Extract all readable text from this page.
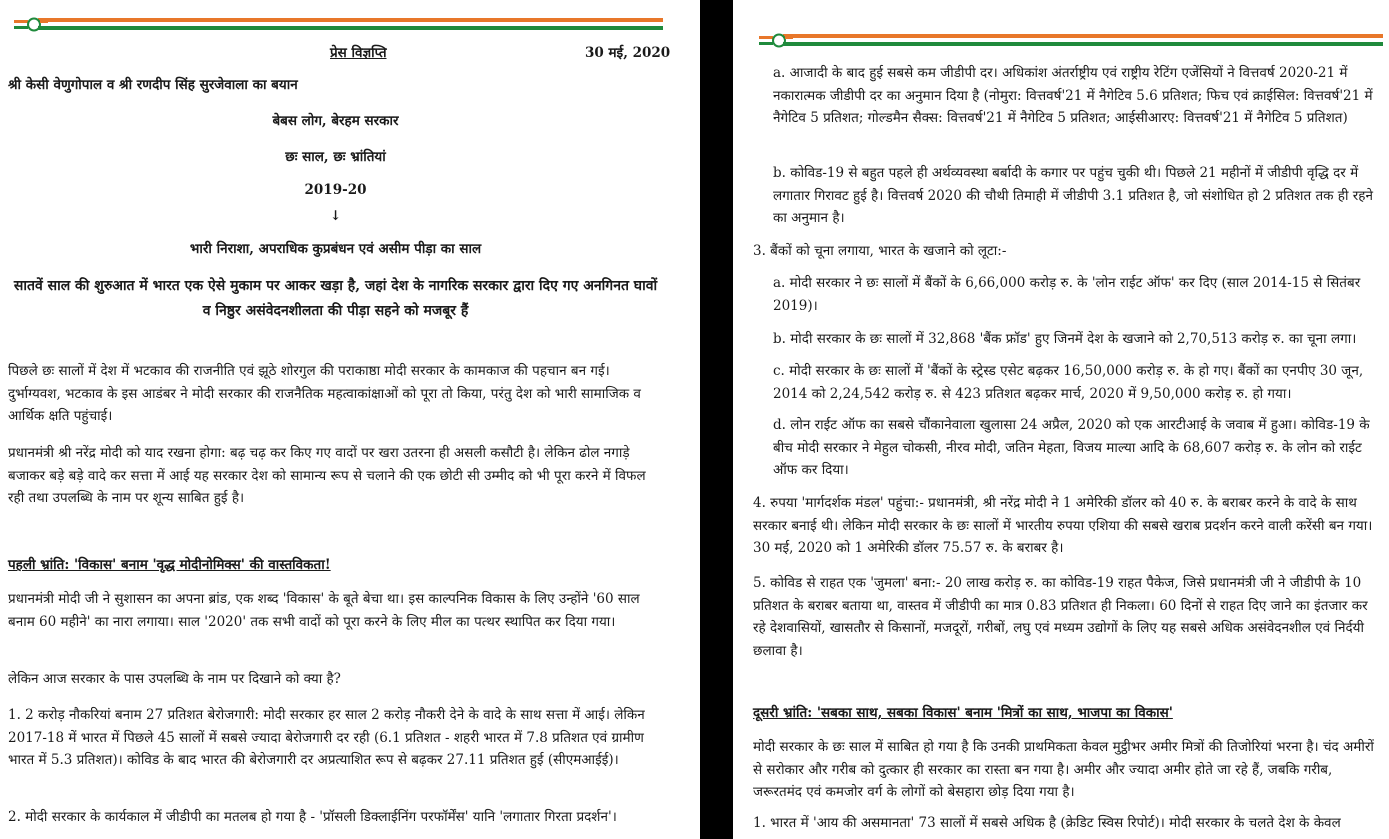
प्रेस विज्ञप्ति	30 मई, 2020
श्री केसी वेणुगोपाल व श्री रणदीप सिंह सुरजेवाला का बयान
बेबस लोग, बेरहम सरकार
छः साल, छः भ्रांतियां
2019-20
↓
भारी निराशा, अपराधिक कुप्रबंधन एवं असीम पीड़ा का साल
सातवें साल की शुरुआत में भारत एक ऐसे मुकाम पर आकर खड़ा है, जहां देश के नागरिक सरकार द्वारा दिए गए अनगिनत घावों व निष्ठुर असंवेदनशीलता की पीड़ा सहने को मजबूर हैं
पिछले छः सालों में देश में भटकाव की राजनीति एवं झूठे शोरगुल की पराकाष्ठा मोदी सरकार के कामकाज की पहचान बन गई। दुर्भाग्यवश, भटकाव के इस आडंबर ने मोदी सरकार की राजनैतिक महत्वाकांक्षाओं को पूरा तो किया, परंतु देश को भारी सामाजिक व आर्थिक क्षति पहुंचाई।
प्रधानमंत्री श्री नरेंद्र मोदी को याद रखना होगा: बढ़ चढ़ कर किए गए वादों पर खरा उतरना ही असली कसौटी है। लेकिन ढोल नगाड़े बजाकर बड़े बड़े वादे कर सत्ता में आई यह सरकार देश को सामान्य रूप से चलाने की एक छोटी सी उम्मीद को भी पूरा करने में विफल रही तथा उपलब्धि के नाम पर शून्य साबित हुई है।
पहली भ्रांति: 'विकास' बनाम 'वृद्ध मोदीनोमिक्स' की वास्तविकता!
प्रधानमंत्री मोदी जी ने सुशासन का अपना ब्रांड, एक शब्द 'विकास' के बूते बेचा था। इस काल्पनिक विकास के लिए उन्होंने '60 साल बनाम 60 महीने' का नारा लगाया। साल '2020' तक सभी वादों को पूरा करने के लिए मील का पत्थर स्थापित कर दिया गया।
लेकिन आज सरकार के पास उपलब्धि के नाम पर दिखाने को क्या है?
1. 2 करोड़ नौकरियां बनाम 27 प्रतिशत बेरोजगारी: मोदी सरकार हर साल 2 करोड़ नौकरी देने के वादे के साथ सत्ता में आई। लेकिन 2017-18 में भारत में पिछले 45 सालों में सबसे ज्यादा बेरोजगारी दर रही (6.1 प्रतिशत - शहरी भारत में 7.8 प्रतिशत एवं ग्रामीण भारत में 5.3 प्रतिशत)। कोविड के बाद भारत की बेरोजगारी दर अप्रत्याशित रूप से बढ़कर 27.11 प्रतिशत हुई (सीएमआईई)।
2. मोदी सरकार के कार्यकाल में जीडीपी का मतलब हो गया है - 'प्रॉसली डिक्लाईनिंग परफॉर्मेंस' यानि 'लगातार गिरता प्रदर्शन'।
a. आजादी के बाद हुई सबसे कम जीडीपी दर। अधिकांश अंतर्राष्ट्रीय एवं राष्ट्रीय रेटिंग एजेंसियों ने वित्तवर्ष 2020-21 में नकारात्मक जीडीपी दर का अनुमान दिया है (नोमुरा: वित्तवर्ष'21 में नैगेटिव 5.6 प्रतिशत; फिच एवं क्राईसिल: वित्तवर्ष'21 में नैगेटिव 5 प्रतिशत; गोल्डमैन सैक्स: वित्तवर्ष'21 में नैगेटिव 5 प्रतिशत; आईसीआरए: वित्तवर्ष'21 में नैगेटिव 5 प्रतिशत)
b. कोविड-19 से बहुत पहले ही अर्थव्यवस्था बर्बादी के कगार पर पहुंच चुकी थी। पिछले 21 महीनों में जीडीपी वृद्धि दर में लगातार गिरावट हुई है। वित्तवर्ष 2020 की चौथी तिमाही में जीडीपी 3.1 प्रतिशत है, जो संशोधित हो 2 प्रतिशत तक ही रहने का अनुमान है।
3. बैंकों को चूना लगाया, भारत के खजाने को लूटा:-
a. मोदी सरकार ने छः सालों में बैंकों के 6,66,000 करोड़ रु. के 'लोन राईट ऑफ' कर दिए (साल 2014-15 से सितंबर 2019)।
b. मोदी सरकार के छः सालों में 32,868 'बैंक फ्रॉड' हुए जिनमें देश के खजाने को 2,70,513 करोड़ रु. का चूना लगा।
c. मोदी सरकार के छः सालों में 'बैंकों के स्ट्रेस्ड एसेट बढ़कर 16,50,000 करोड़ रु. के हो गए। बैंकों का एनपीए 30 जून, 2014 को 2,24,542 करोड़ रु. से 423 प्रतिशत बढ़कर मार्च, 2020 में 9,50,000 करोड़ रु. हो गया।
d. लोन राईट ऑफ का सबसे चौंकानेवाला खुलासा 24 अप्रैल, 2020 को एक आरटीआई के जवाब में हुआ। कोविड-19 के बीच मोदी सरकार ने मेहुल चोकसी, नीरव मोदी, जतिन मेहता, विजय माल्या आदि के 68,607 करोड़ रु. के लोन को राईट ऑफ कर दिया।
4. रुपया 'मार्गदर्शक मंडल' पहुंचा:- प्रधानमंत्री, श्री नरेंद्र मोदी ने 1 अमेरिकी डॉलर को 40 रु. के बराबर करने के वादे के साथ सरकार बनाई थी। लेकिन मोदी सरकार के छः सालों में भारतीय रुपया एशिया की सबसे खराब प्रदर्शन करने वाली करेंसी बन गया। 30 मई, 2020 को 1 अमेरिकी डॉलर 75.57 रु. के बराबर है।
5. कोविड से राहत एक 'जुमला' बना:- 20 लाख करोड़ रु. का कोविड-19 राहत पैकेज, जिसे प्रधानमंत्री जी ने जीडीपी के 10 प्रतिशत के बराबर बताया था, वास्तव में जीडीपी का मात्र 0.83 प्रतिशत ही निकला। 60 दिनों से राहत दिए जाने का इंतजार कर रहे देशवासियों, खासतौर से किसानों, मजदूरों, गरीबों, लघु एवं मध्यम उद्योगों के लिए यह सबसे अधिक असंवेदनशील एवं निर्दयी छलावा है।
दूसरी भ्रांति: 'सबका साथ, सबका विकास' बनाम 'मित्रों का साथ, भाजपा का विकास'
मोदी सरकार के छः साल में साबित हो गया है कि उनकी प्राथमिकता केवल मुट्ठीभर अमीर मित्रों की तिजोरियां भरना है। चंद अमीरों से सरोकार और गरीब को दुत्कार ही सरकार का रास्ता बन गया है। अमीर और ज्यादा अमीर होते जा रहे हैं, जबकि गरीब, जरूरतमंद एवं कमजोर वर्ग के लोगों को बेसहारा छोड़ दिया गया है।
1. भारत में 'आय की असमानता' 73 सालों में सबसे अधिक है (क्रेडिट स्विस रिपोर्ट)। मोदी सरकार के चलते देश के केवल
